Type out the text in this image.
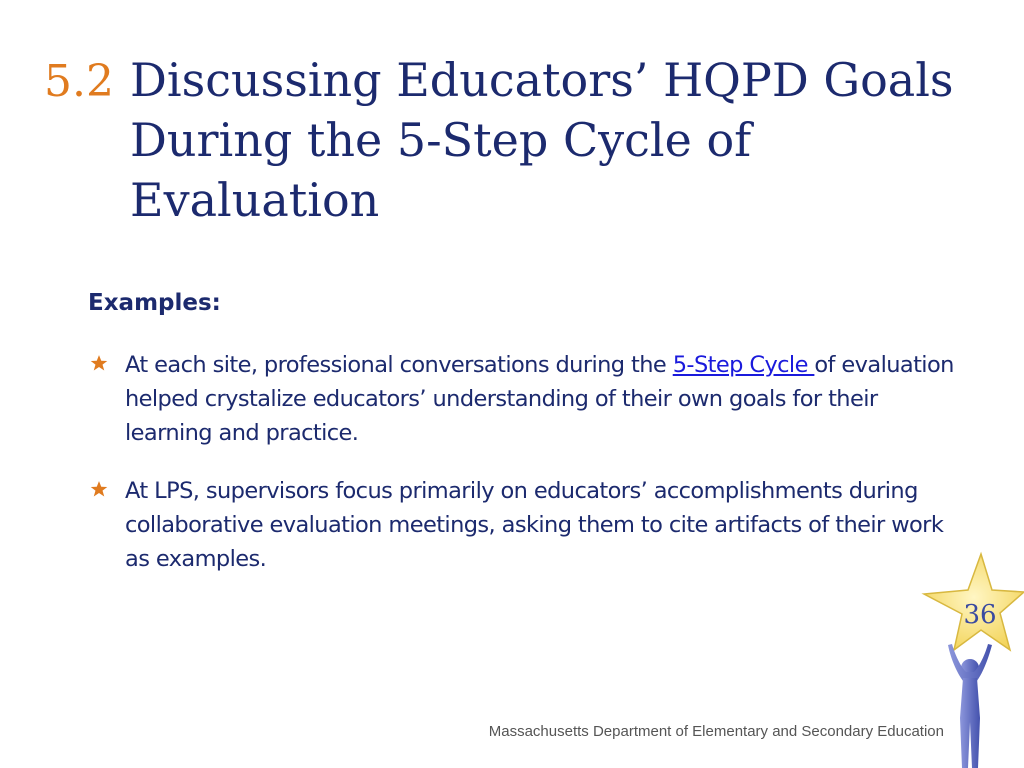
5.2 Discussing Educators’ HQPD Goals
During the 5-Step Cycle of
Evaluation
Examples:
At each site, professional conversations during the 5-Step Cycle of evaluation helped crystalize educators’ understanding of their own goals for their learning and practice.
At LPS, supervisors focus primarily on educators’ accomplishments during collaborative evaluation meetings, asking them to cite artifacts of their work as examples.
36
Massachusetts Department of Elementary and Secondary Education
